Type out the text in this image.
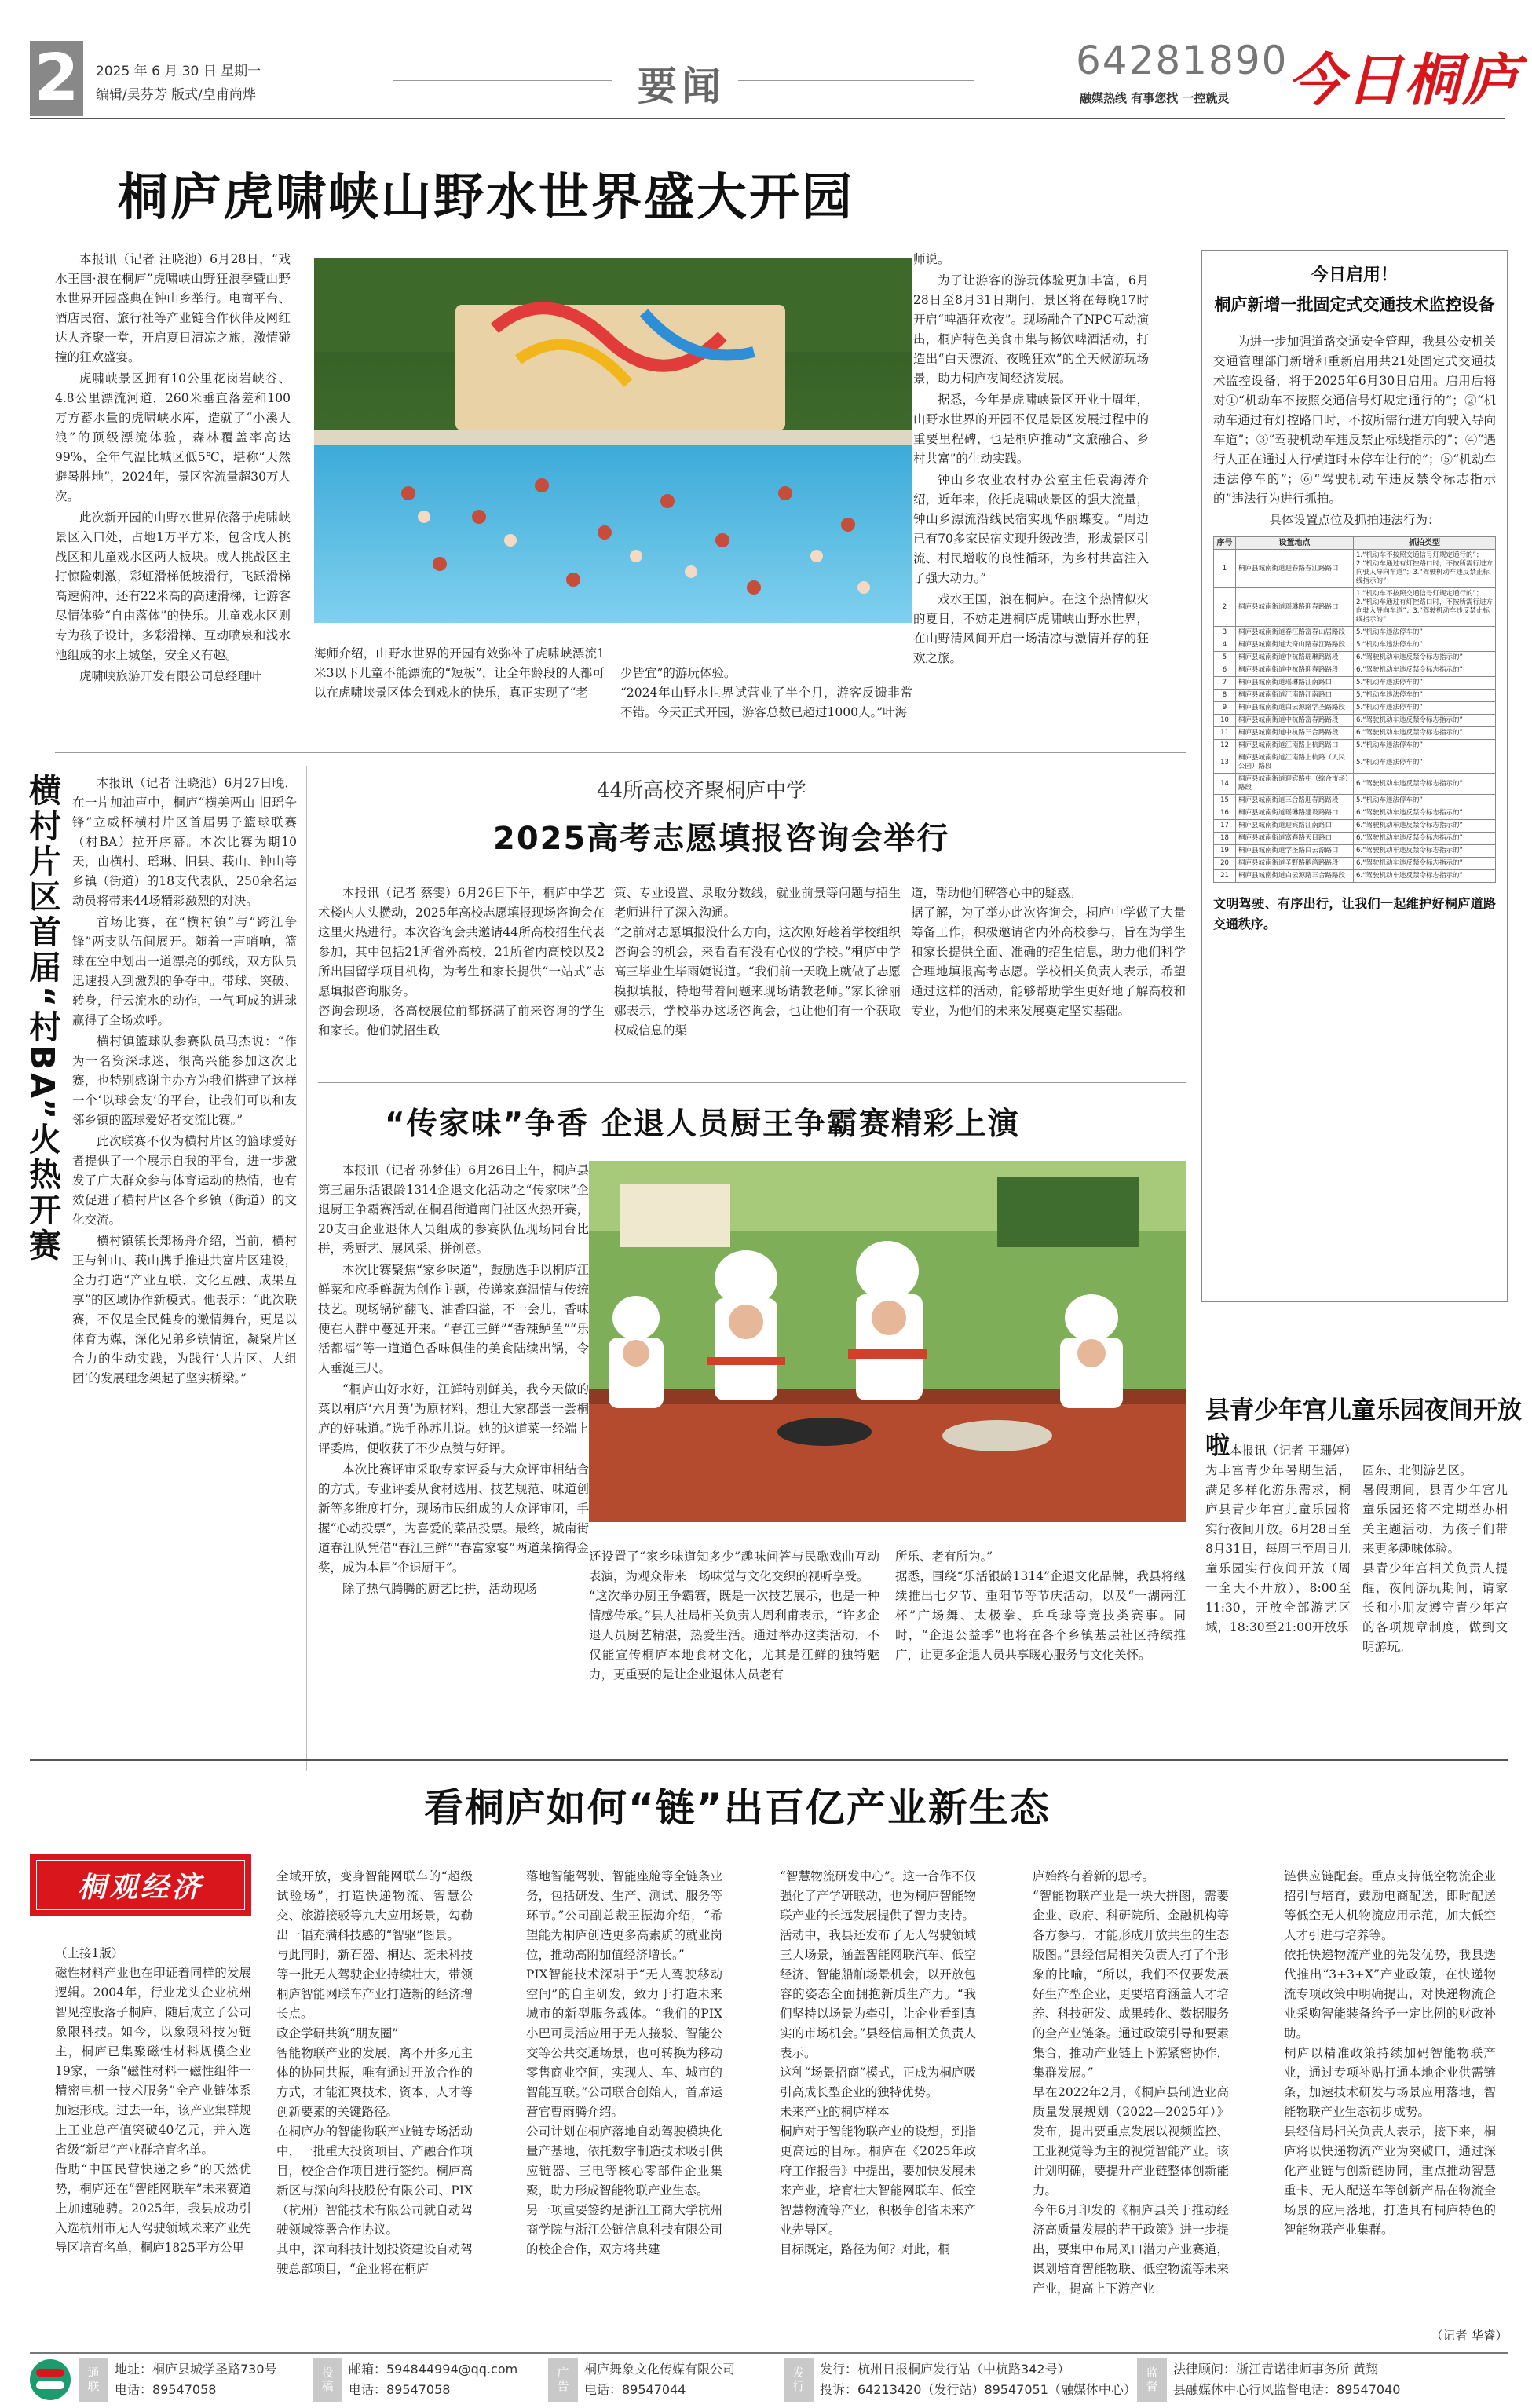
2	2025 年 6 月 30 日 星期一
编辑/吴芬芳 版式/皇甫尚烨	要闻
64281890
融媒热线 有事您找 一控就灵 今日桐庐
桐庐虎啸峡山野水世界盛大开园

本报讯（记者 汪晓池）6月28日，“戏水王国·浪在桐庐”虎啸峡山野狂浪季暨山野水世界开园盛典在钟山乡举行。电商平台、酒店民宿、旅行社等产业链合作伙伴及网红达人齐聚一堂，开启夏日清凉之旅，激情碰撞的狂欢盛宴。

虎啸峡景区拥有10公里花岗岩峡谷、4.8公里漂流河道，260米垂直落差和100万方蓄水量的虎啸峡水库，造就了“小溪大浪”的顶级漂流体验，森林覆盖率高达99%，全年气温比城区低5℃，堪称“天然避暑胜地”，2024年，景区客流量超30万人次。

此次新开园的山野水世界依落于虎啸峡景区入口处，占地1万平方米，包含成人挑战区和儿童戏水区两大板块。成人挑战区主打惊险刺激，彩虹滑梯低坡滑行，飞跃滑梯高速俯冲，还有22米高的高速滑梯，让游客尽情体验“自由落体”的快乐。儿童戏水区则专为孩子设计，多彩滑梯、互动喷泉和浅水池组成的水上城堡，安全又有趣。

虎啸峡旅游开发有限公司总经理叶

海师介绍，山野水世界的开园有效弥补了虎啸峡漂流1米3以下儿童不能漂流的“短板”，让全年龄段的人都可以在虎啸峡景区体会到戏水的快乐，真正实现了“老

少皆宜”的游玩体验。
“2024年山野水世界试营业了半个月，游客反馈非常不错。今天正式开园，游客总数已超过1000人。”叶海

师说。

为了让游客的游玩体验更加丰富，6月28日至8月31日期间，景区将在每晚17时开启“啤酒狂欢夜”。现场融合了NPC互动演出，桐庐特色美食市集与畅饮啤酒活动，打造出“白天漂流、夜晚狂欢”的全天候游玩场景，助力桐庐夜间经济发展。

据悉，今年是虎啸峡景区开业十周年，山野水世界的开园不仅是景区发展过程中的重要里程碑，也是桐庐推动“文旅融合、乡村共富”的生动实践。

钟山乡农业农村办公室主任袁海涛介绍，近年来，依托虎啸峡景区的强大流量，钟山乡漂流沿线民宿实现华丽蝶变。“周边已有70多家民宿实现升级改造，形成景区引流、村民增收的良性循环，为乡村共富注入了强大动力。”

戏水王国，浪在桐庐。在这个热情似火的夏日，不妨走进桐庐虎啸峡山野水世界，在山野清风间开启一场清凉与激情并存的狂欢之旅。

今日启用！
桐庐新增一批固定式交通技术监控设备

为进一步加强道路交通安全管理，我县公安机关交通管理部门新增和重新启用共21处固定式交通技术监控设备，将于2025年6月30日启用。启用后将对①“机动车不按照交通信号灯规定通行的”；②“机动车通过有灯控路口时，不按所需行进方向驶入导向车道”；③“驾驶机动车违反禁止标线指示的”；④“遇行人正在通过人行横道时未停车让行的”；⑤“机动车违法停车的”；⑥“驾驶机动车违反禁令标志指示的”违法行为进行抓拍。

具体设置点位及抓拍违法行为：

序号	设置地点	抓拍类型
1	桐庐县城南街道迎春路春江路路口	1.“机动车不按照交通信号灯规定通行的”；2.“机动车通过有灯控路口时，不按所需行进方向驶入导向车道”；3.“驾驶机动车违反禁止标线指示的”
2	桐庐县城南街道瑶琳路迎春路路口	1.“机动车不按照交通信号灯规定通行的”；2.“机动车通过有灯控路口时，不按所需行进方向驶入导向车道”；3.“驾驶机动车违反禁止标线指示的”
3	桐庐县城南街道春江路富春山居路段	5.“机动车违法停车的”
4	桐庐县城南街道大奇山路春江路路段	5.“机动车违法停车的”
5	桐庐县城南街道中杭路瑶琳路路段	6.“驾驶机动车违反禁令标志指示的”
6	桐庐县城南街道中杭路迎春路路段	6.“驾驶机动车违反禁令标志指示的”
7	桐庐县城南街道瑶琳路江南路口	5.“机动车违法停车的”
8	桐庐县城南街道江南路江南路口	5.“机动车违法停车的”
9	桐庐县城南街道白云源路学圣路路段	5.“机动车违法停车的”
10	桐庐县城南街道中杭路富春路路段	6.“驾驶机动车违反禁令标志指示的”
11	桐庐县城南街道中杭路三合路路段	6.“驾驶机动车违反禁令标志指示的”
12	桐庐县城南街道江南路上杭路路口	5.“机动车违法停车的”
13	桐庐县城南街道江南路上杭路（人民公园）路段	5.“机动车违法停车的”
14	桐庐县城南街道迎宾路中（综合市场）路段	6.“驾驶机动车违反禁令标志指示的”
15	桐庐县城南街道三合路迎春路路段	5.“机动车违法停车的”
16	桐庐县城南街道瑶琳路建设路路口	6.“驾驶机动车违反禁令标志指示的”
17	桐庐县城南街道迎宾路江南路口	6.“驾驶机动车违反禁令标志指示的”
18	桐庐县城南街道富春路天目路口	6.“驾驶机动车违反禁令标志指示的”
19	桐庐县城南街道学圣路白云源路口	6.“驾驶机动车违反禁令标志指示的”
20	桐庐县城南街道圣野路鹅湾路路段	6.“驾驶机动车违反禁令标志指示的”
21	桐庐县城南街道白云源路三合路路段	6.“驾驶机动车违反禁令标志指示的”
文明驾驶、有序出行，让我们一起维护好桐庐道路交通秩序。
横村片区首届“村BA”火热开赛	本报讯（记者 汪晓池）6月27日晚，在一片加油声中，桐庐“横美两山 旧瑶争锋”立威杯横村片区首届男子篮球联赛（村BA）拉开序幕。本次比赛为期10天，由横村、瑶琳、旧县、莪山、钟山等乡镇（街道）的18支代表队，250余名运动员将带来44场精彩激烈的对决。

首场比赛，在“横村镇”与“跨江争锋”两支队伍间展开。随着一声哨响，篮球在空中划出一道漂亮的弧线，双方队员迅速投入到激烈的争夺中。带球、突破、转身，行云流水的动作，一气呵成的进球赢得了全场欢呼。

横村镇篮球队参赛队员马杰说：“作为一名资深球迷，很高兴能参加这次比赛，也特别感谢主办方为我们搭建了这样一个‘以球会友’的平台，让我们可以和友邻乡镇的篮球爱好者交流比赛。”

此次联赛不仅为横村片区的篮球爱好者提供了一个展示自我的平台，进一步激发了广大群众参与体育运动的热情，也有效促进了横村片区各个乡镇（街道）的文化交流。

横村镇镇长郑杨舟介绍，当前，横村正与钟山、莪山携手推进共富片区建设，全力打造“产业互联、文化互融、成果互享”的区域协作新模式。他表示：“此次联赛，不仅是全民健身的激情舞台，更是以体育为媒，深化兄弟乡镇情谊，凝聚片区合力的生动实践，为践行‘大片区、大组团’的发展理念架起了坚实桥梁。”

44所高校齐聚桐庐中学
2025高考志愿填报咨询会举行

本报讯（记者 蔡雯）6月26日下午，桐庐中学艺术楼内人头攒动，2025年高校志愿填报现场咨询会在这里火热进行。本次咨询会共邀请44所高校招生代表参加，其中包括21所省外高校，21所省内高校以及2所出国留学项目机构，为考生和家长提供“一站式”志愿填报咨询服务。
咨询会现场，各高校展位前都挤满了前来咨询的学生和家长。他们就招生政

策、专业设置、录取分数线，就业前景等问题与招生老师进行了深入沟通。
“之前对志愿填报没什么方向，这次刚好趁着学校组织咨询会的机会，来看看有没有心仪的学校。”桐庐中学高三毕业生毕雨婕说道。“我们前一天晚上就做了志愿模拟填报，特地带着问题来现场请教老师。”家长徐丽娜表示，学校举办这场咨询会，也让他们有一个获取权威信息的渠

道，帮助他们解答心中的疑惑。
据了解，为了举办此次咨询会，桐庐中学做了大量筹备工作，积极邀请省内外高校参与，旨在为学生和家长提供全面、准确的招生信息，助力他们科学合理地填报高考志愿。学校相关负责人表示，希望通过这样的活动，能够帮助学生更好地了解高校和专业，为他们的未来发展奠定坚实基础。

“传家味”争香 企退人员厨王争霸赛精彩上演

本报讯（记者 孙梦佳）6月26日上午，桐庐县第三届乐活银龄1314企退文化活动之“传家味”企退厨王争霸赛活动在桐君街道南门社区火热开赛，20支由企业退休人员组成的参赛队伍现场同台比拼，秀厨艺、展风采、拼创意。

本次比赛聚焦“家乡味道”，鼓励选手以桐庐江鲜菜和应季鲜蔬为创作主题，传递家庭温情与传统技艺。现场锅铲翻飞、油香四溢，不一会儿，香味便在人群中蔓延开来。“春江三鲜”“香辣鲈鱼”“乐活都福”等一道道色香味俱佳的美食陆续出锅，令人垂涎三尺。

“桐庐山好水好，江鲜特别鲜美，我今天做的菜以桐庐‘六月黄’为原材料，想让大家都尝一尝桐庐的好味道。”选手孙苏儿说。她的这道菜一经端上评委席，便收获了不少点赞与好评。

本次比赛评审采取专家评委与大众评审相结合的方式。专业评委从食材选用、技艺规范、味道创新等多维度打分，现场市民组成的大众评审团，手握“心动投票”，为喜爱的菜品投票。最终，城南街道春江队凭借“春江三鲜”“春富家宴”两道菜摘得金奖，成为本届“企退厨王”。

除了热气腾腾的厨艺比拼，活动现场

还设置了“家乡味道知多少”趣味问答与民歌戏曲互动表演，为观众带来一场味觉与文化交织的视听享受。
“这次举办厨王争霸赛，既是一次技艺展示，也是一种情感传承。”县人社局相关负责人周利甫表示，“许多企退人员厨艺精湛，热爱生活。通过举办这类活动，不仅能宣传桐庐本地食材文化，尤其是江鲜的独特魅力，更重要的是让企业退休人员老有

所乐、老有所为。”
据悉，围绕“乐活银龄1314”企退文化品牌，我县将继续推出七夕节、重阳节等节庆活动，以及“一湖两江杯”广场舞、太极拳、乒乓球等竞技类赛事。同时，“企退公益季”也将在各个乡镇基层社区持续推广，让更多企退人员共享暖心服务与文化关怀。

县青少年宫儿童乐园夜间开放啦 本报讯（记者 王珊婷）为丰富青少年暑期生活，满足多样化游乐需求，桐庐县青少年宫儿童乐园将实行夜间开放。6月28日至8月31日，每周三至周日儿童乐园实行夜间开放（周一全天不开放），8:00至11:30，开放全部游艺区域，18:30至21:00开放乐

园东、北侧游艺区。
暑假期间，县青少年宫儿童乐园还将不定期举办相关主题活动，为孩子们带来更多趣味体验。
县青少年宫相关负责人提醒，夜间游玩期间，请家长和小朋友遵守青少年宫的各项规章制度，做到文明游玩。

看桐庐如何“链”出百亿产业新生态
桐观经济

（上接1版）
磁性材料产业也在印证着同样的发展逻辑。2004年，行业龙头企业杭州智见控股落子桐庐，随后成立了公司象限科技。如今，以象限科技为链主，桐庐已集聚磁性材料规模企业19家，一条“磁性材料一磁性组件一精密电机一技术服务”全产业链体系加速形成。过去一年，该产业集群规上工业总产值突破40亿元，并入选省级“新星”产业群培育名单。
借助“中国民营快递之乡”的天然优势，桐庐还在“智能网联车”未来赛道上加速驰骋。2025年，我县成功引入选杭州市无人驾驶领域未来产业先导区培育名单，桐庐1825平方公里

全域开放，变身智能网联车的“超级试验场”，打造快递物流、智慧公交、旅游接驳等九大应用场景，勾勒出一幅充满科技感的“智驱”图景。
与此同时，新石器、桐达、斑未科技等一批无人驾驶企业持续壮大，带领桐庐智能网联车产业打造新的经济增长点。
政企学研共筑“朋友圈”
智能物联产业的发展，离不开多元主体的协同共振，唯有通过开放合作的方式，才能汇聚技术、资本、人才等创新要素的关键路径。
在桐庐办的智能物联产业链专场活动中，一批重大投资项目、产融合作项目，校企合作项目进行签约。桐庐高新区与深向科技股份有限公司、PIX（杭州）智能技术有限公司就自动驾驶领域签署合作协议。
其中，深向科技计划投资建设自动驾驶总部项目，“企业将在桐庐

落地智能驾驶、智能座舱等全链条业务，包括研发、生产、测试、服务等环节。”公司副总裁王振海介绍，“希望能为桐庐创造更多高素质的就业岗位，推动高附加值经济增长。”
PIX智能技术深耕于“无人驾驶移动空间”的自主研发，致力于打造未来城市的新型服务载体。“我们的PIX小巴可灵活应用于无人接驳、智能公交等公共交通场景，也可转换为移动零售商业空间，实现人、车、城市的智能互联。”公司联合创始人，首席运营官曹雨腾介绍。
公司计划在桐庐落地自动驾驶模块化量产基地，依托数字制造技术吸引供应链器、三电等核心零部件企业集聚，助力形成智能物联产业生态。
另一项重要签约是浙江工商大学杭州商学院与浙江公链信息科技有限公司的校企合作，双方将共建

“智慧物流研发中心”。这一合作不仅强化了产学研联动，也为桐庐智能物联产业的长远发展提供了智力支持。
活动中，我县还发布了无人驾驶领域三大场景，涵盖智能网联汽车、低空经济、智能船舶场景机会，以开放包容的姿态全面拥抱新质生产力。“我们坚持以场景为牵引，让企业看到真实的市场机会。”县经信局相关负责人表示。
这种“场景招商”模式，正成为桐庐吸引高成长型企业的独特优势。
未来产业的桐庐样本
桐庐对于智能物联产业的设想，到指更高远的目标。桐庐在《2025年政府工作报告》中提出，要加快发展未来产业，培育壮大智能网联车、低空智慧物流等产业，积极争创省未来产业先导区。
目标既定，路径为何？对此，桐

庐始终有着新的思考。
“智能物联产业是一块大拼图，需要企业、政府、科研院所、金融机构等各方参与，才能形成开放共生的生态版图。”县经信局相关负责人打了个形象的比喻，“所以，我们不仅要发展好生产型企业，更要培育涵盖人才培养、科技研发、成果转化、数据服务的全产业链条。通过政策引导和要素集合，推动产业链上下游紧密协作，集群发展。”
早在2022年2月，《桐庐县制造业高质量发展规划（2022—2025年）》发布，提出要重点发展以视频监控、工业视觉等为主的视觉智能产业。该计划明确，要提升产业链整体创新能力。
今年6月印发的《桐庐县关于推动经济高质量发展的若干政策》进一步提出，要集中布局风口潜力产业赛道，谋划培育智能物联、低空物流等未来产业，提高上下游产业

链供应链配套。重点支持低空物流企业招引与培育，鼓励电商配送，即时配送等低空无人机物流应用示范，加大低空人才引进与培养等。
依托快递物流产业的先发优势，我县迭代推出“3+3+X”产业政策，在快递物流专项政策中明确提出，对快递物流企业采购智能装备给予一定比例的财政补助。
桐庐以精准政策持续加码智能物联产业，通过专项补贴打通本地企业供需链条，加速技术研发与场景应用落地，智能物联产业生态初步成势。
县经信局相关负责人表示，接下来，桐庐将以快递物流产业为突破口，通过深化产业链与创新链协同，重点推动智慧重卡、无人配送车等创新产品在物流全场景的应用落地，打造具有桐庐特色的智能物联产业集群。

（记者 华睿）
通联	地址：桐庐县城学圣路730号
电话：89547058	投稿	邮箱：594844994@qq.com
电话：89547058	广告	桐庐舞象文化传媒有限公司
电话：89547044	发行	发行：杭州日报桐庐发行站（中杭路342号）
投诉：64213420（发行站）89547051（融媒体中心） 监督	法律顾问：浙江青诺律师事务所 黄翔
县融媒体中心行风监督电话：89547040
